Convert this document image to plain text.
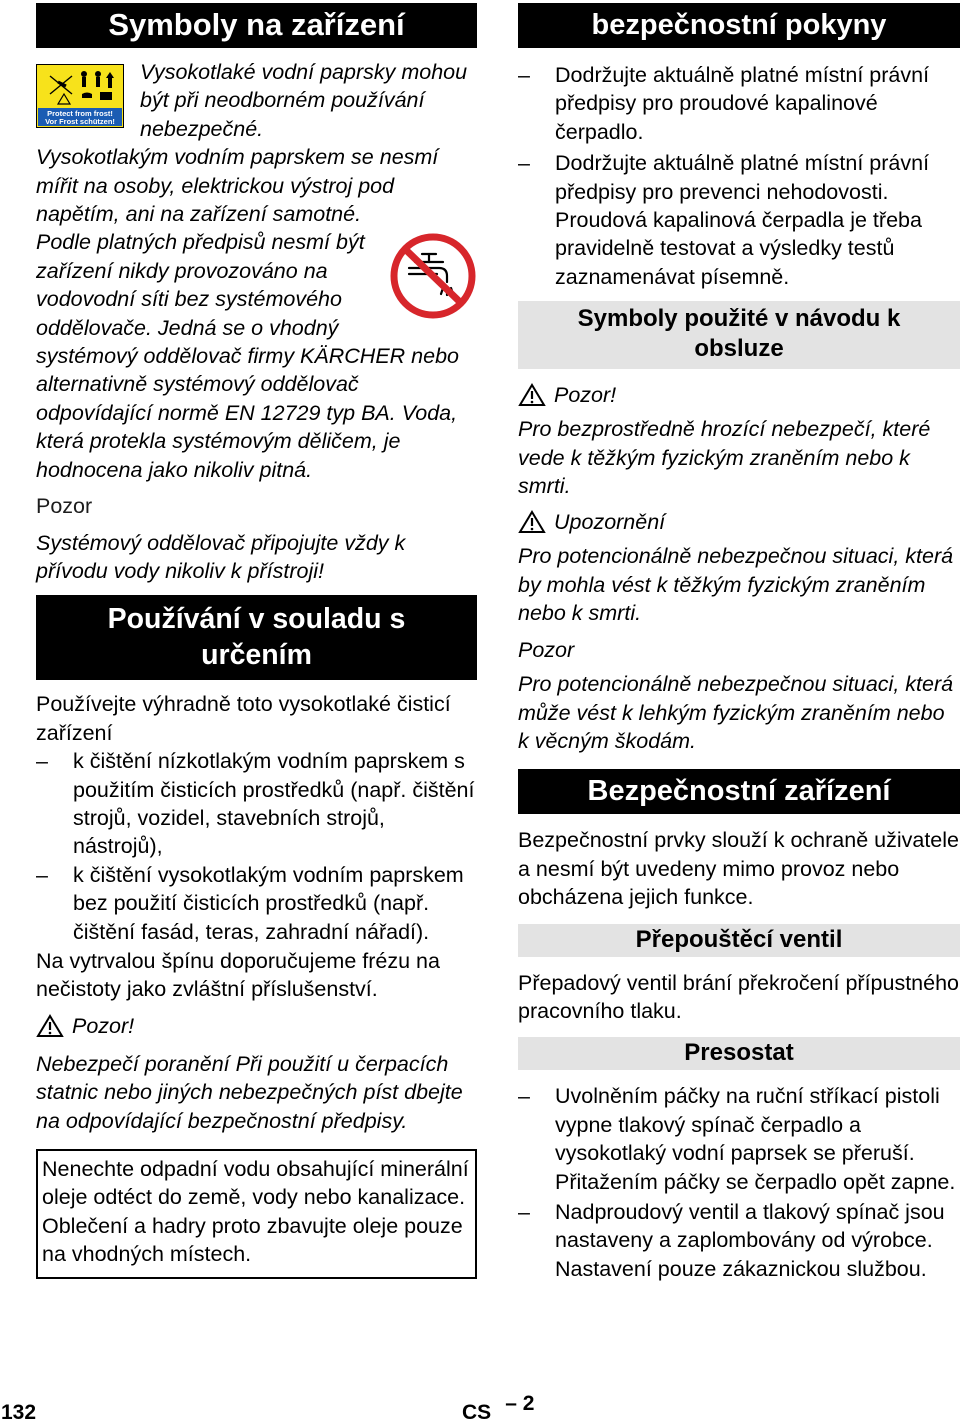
Symboly na zařízení
Protect from frost!
Vor Frost schützen!

Vysokotlaké vodní paprsky mohou být při neodborném používání nebezpečné.

Vysokotlakým vodním paprskem se nesmí mířit na osoby, elektrickou výstroj pod napětím, ani na zařízení samotné.

Podle platných předpisů nesmí být zařízení nikdy provozováno na vodovodní síti bez systémového oddělovače. Jedná se o vhodný systémový oddělovač firmy KÄRCHER nebo alternativně systémový oddělovač odpovídající normě EN 12729 typ BA. Voda, která protekla systémovým děličem, je hodnocena jako nikoliv pitná.

Pozor

Systémový oddělovač připojujte vždy k přívodu vody nikoliv k přístroji!

Používání v souladu s určením

Používejte výhradně toto vysokotlaké čisticí zařízení

– k čištění nízkotlakým vodním paprskem s použitím čisticích prostředků (např. čištění strojů, vozidel, stavebních strojů, nástrojů),
– k čištění vysokotlakým vodním paprskem bez použití čisticích prostředků (např. čištění fasád, teras, zahradní nářadí).

Na vytrvalou špínu doporučujeme frézu na nečistoty jako zvláštní příslušenství.

Pozor!

Nebezpečí poranění Při použití u čerpacích statnic nebo jiných nebezpečných píst dbejte na odpovídající bezpečnostní předpisy.

Nenechte odpadní vodu obsahující minerální oleje odtéct do země, vody nebo kanalizace. Oblečení a hadry proto zbavujte oleje pouze na vhodných místech.

bezpečnostní pokyny
– Dodržujte aktuálně platné místní právní předpisy pro proudové kapalinové čerpadlo.
– Dodržujte aktuálně platné místní právní předpisy pro prevenci nehodovosti.

Proudová kapalinová čerpadla je třeba pravidelně testovat a výsledky testů zaznamenávat písemně.

Symboly použité v návodu k obsluze
Pozor!

Pro bezprostředně hrozící nebezpečí, které vede k těžkým fyzickým zraněním nebo k smrti.

Upozornění

Pro potencionálně nebezpečnou situaci, která by mohla vést k těžkým fyzickým zraněním nebo k smrti.

Pozor

Pro potencionálně nebezpečnou situaci, která může vést k lehkým fyzickým zraněním nebo k věcným škodám.

Bezpečnostní zařízení

Bezpečnostní prvky slouží k ochraně uživatele a nesmí být uvedeny mimo provoz nebo obcházena jejich funkce.

Přepouštěcí ventil

Přepadový ventil brání překročení přípustného pracovního tlaku.

Presostat
– Uvolněním páčky na ruční stříkací pistoli vypne tlakový spínač čerpadlo a vysokotlaký vodní paprsek se přeruší. Přitažením páčky se čerpadlo opět zapne.
– Nadproudový ventil a tlakový spínač jsou nastaveny a zaplombovány od výrobce. Nastavení pouze zákaznickou službou.
132	CS – 2
